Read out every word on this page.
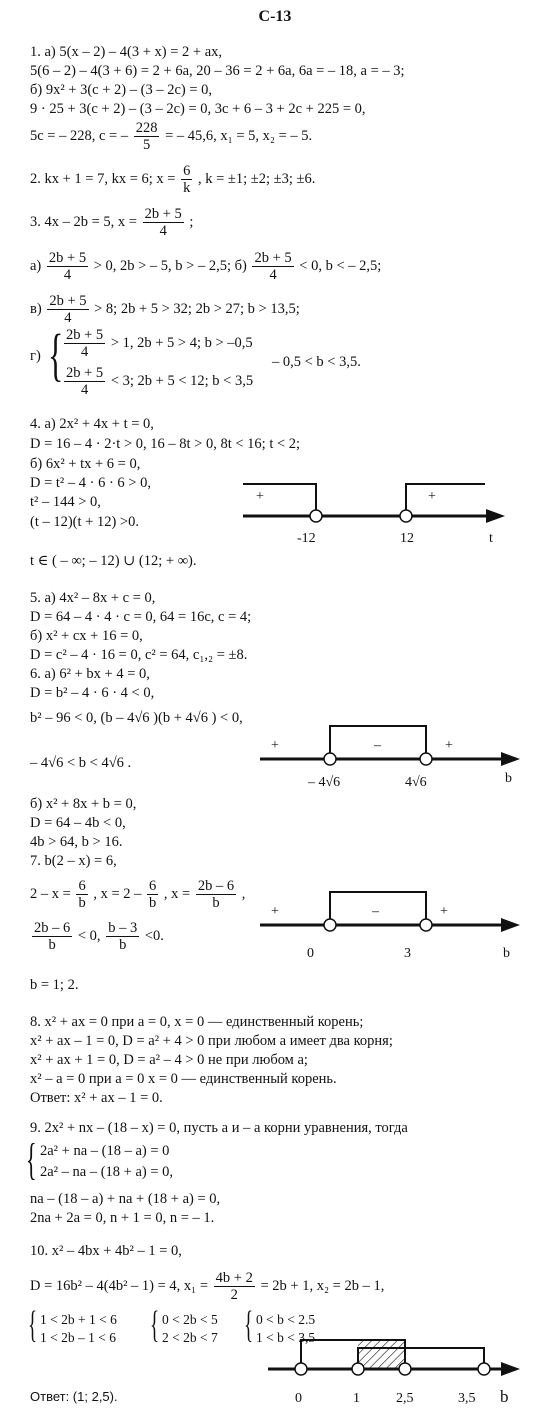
С-13
1. а) 5(x – 2) – 4(3 + x) = 2 + ax,
5(6 – 2) – 4(3 + 6) = 2 + 6a, 20 – 36 = 2 + 6a, 6a = – 18, a = – 3;
б) 9x² + 3(c + 2) – (3 – 2c) = 0,
9 · 25 + 3(c + 2) – (3 – 2c) = 0, 3c + 6 – 3 + 2c + 225 = 0,
5c = – 228, c = – $\frac{228}{5}$ = – 45,6, x₁ = 5, x₂ = – 5.
2. kx + 1 = 7, kx = 6; $x = \frac{6}{k}$ , k = ±1; ±2; ±3; ±6.
3. 4x – 2b = 5, $x = \frac{2b + 5}{4}$ ;
$а) \frac{2b + 5}{4} > 0$, 2b > – 5, b > – 2,5; $б) \frac{2b + 5}{4} < 0$, b < – 2,5;
$в) \frac{2b + 5}{4} > 8$; 2b + 5 > 32; 2b > 27; b > 13,5;
г) { $\frac{2b + 5}{4} > 1$, 2b + 5 > 4; b > –0,5
$\frac{2b + 5}{4} < 3$; 2b + 5 < 12; b < 3,5
– 0,5 < b < 3,5.
4. а) 2x² + 4x + t = 0,
D = 16 – 4 · 2·t > 0, 16 – 8t > 0, 8t < 16; t < 2;
б) 6x² + tx + 6 = 0,
D = t² – 4 · 6 · 6 > 0,
t² – 144 > 0,
(t – 12)(t + 12) >0.
t ∈ ( – ∞; – 12) ∪ (12; + ∞).
+	+
-12	12	t
5. а) 4x² – 8x + c = 0,
D = 64 – 4 · 4 · c = 0, 64 = 16c, c = 4;
б) x² + cx + 16 = 0,
D = c² – 4 · 16 = 0, c² = 64, c₁,₂ = ±8.
6. а) 6² + bx + 4 = 0,
D = b² – 4 · 6 · 4 < 0,
b² – 96 < 0, (b – 4√6 )(b + 4√6 ) < 0,
– 4√6 < b < 4√6 .
+	–	+
– 4√6	4√6	b
б) x² + 8x + b = 0,
D = 64 – 4b < 0,
4b > 64, b > 16.
7. b(2 – x) = 6,
$2 - x = \frac{6}{b}$ , $x = 2 - \frac{6}{b}$ , $x = \frac{2b - 6}{b}$ ,
$\frac{2b - 6}{b} < 0$, $\frac{b - 3}{b} <0$.
b = 1; 2.
+	–	+
0	3	b
8. x² + ax = 0 при a = 0, x = 0 — единственный корень;
x² + ax – 1 = 0, D = a² + 4 > 0 при любом a имеет два корня;
x² + ax + 1 = 0, D = a² – 4 > 0 не при любом a;
x² – a = 0 при a = 0 x = 0 — единственный корень.
Ответ: x² + ax – 1 = 0.
9. 2x² + nx – (18 – x) = 0, пусть a и – a корни уравнения, тогда
{ 2a² + na – (18 – a) = 0
2a² – na – (18 + a) = 0,
na – (18 – a) + na + (18 + a) = 0,
2na + 2a = 0, n + 1 = 0, n = – 1.
10. x² – 4bx + 4b² – 1 = 0,
D = 16b² – 4(4b² – 1) = 4, $x_1 = \frac{4b + 2}{2} = 2b + 1$, x₂ = 2b – 1,
{ 1 < 2b + 1 < 6
1 < 2b – 1 < 6 { 0 < 2b < 5
2 < 2b < 7 { 0 < b < 2.5
1 < b < 3,5
0	1	2,5	3,5 b
Ответ: (1; 2,5).
